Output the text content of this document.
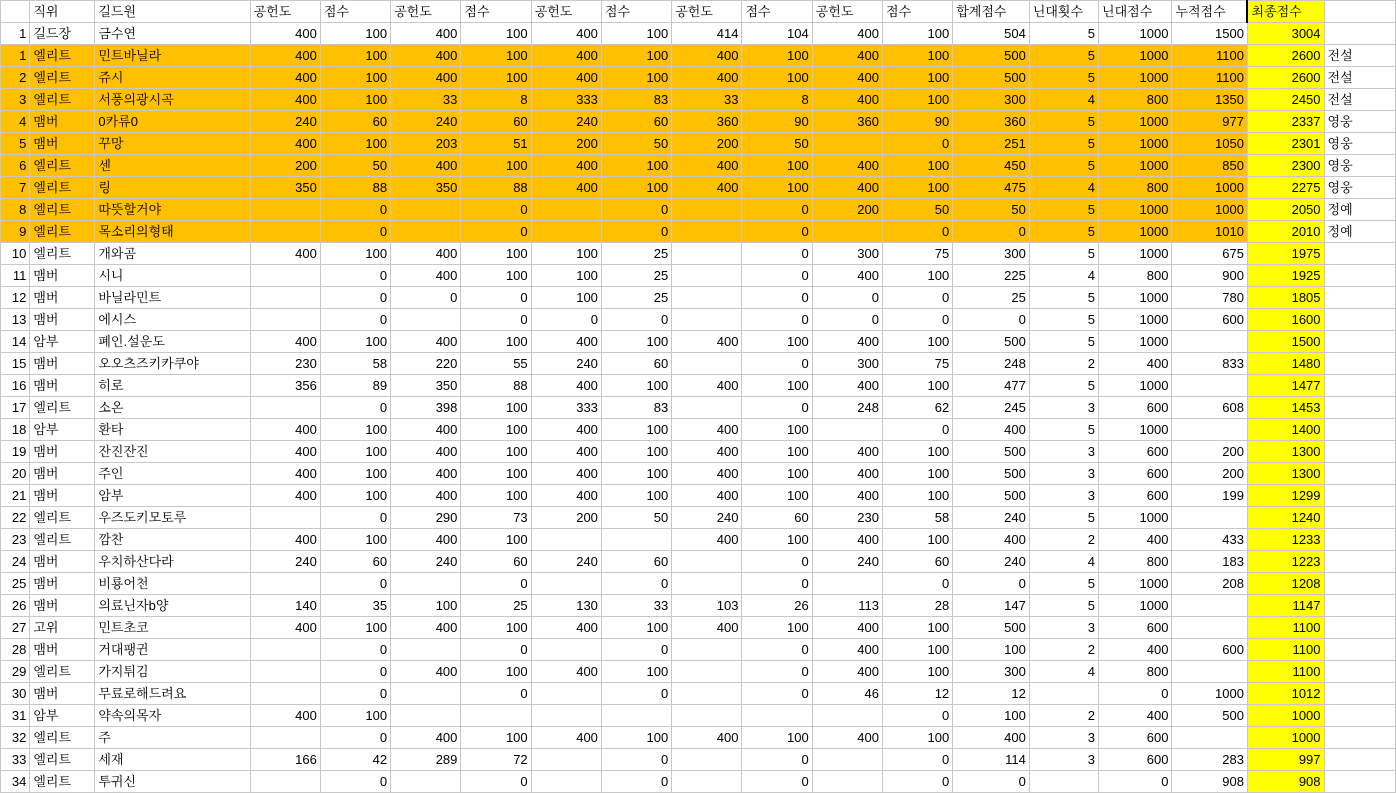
	직위	길드원	공헌도	점수	공헌도	점수	공헌도	점수	공헌도	점수	공헌도	점수	합계점수	닌대횟수	닌대점수	누적점수	최종점수	
1	길드장	금수연	400	100	400	100	400	100	414	104	400	100	504	5	1000	1500	3004	
1	엘리트	민트바닐라	400	100	400	100	400	100	400	100	400	100	500	5	1000	1100	2600	전설
2	엘리트	쥬시	400	100	400	100	400	100	400	100	400	100	500	5	1000	1100	2600	전설
3	엘리트	서풍의광시곡	400	100	33	8	333	83	33	8	400	100	300	4	800	1350	2450	전설
4	맴버	0카류0	240	60	240	60	240	60	360	90	360	90	360	5	1000	977	2337	영웅
5	맴버	꾸망	400	100	203	51	200	50	200	50		0	251	5	1000	1050	2301	영웅
6	엘리트	센	200	50	400	100	400	100	400	100	400	100	450	5	1000	850	2300	영웅
7	엘리트	링	350	88	350	88	400	100	400	100	400	100	475	4	800	1000	2275	영웅
8	엘리트	따뜻할거야		0		0		0		0	200	50	50	5	1000	1000	2050	정예
9	엘리트	목소리의형태		0		0		0		0		0	0	5	1000	1010	2010	정예
10	엘리트	개와곰	400	100	400	100	100	25		0	300	75	300	5	1000	675	1975	
11	맴버	시니		0	400	100	100	25		0	400	100	225	4	800	900	1925	
12	맴버	바닐라민트		0	0	0	100	25		0	0	0	25	5	1000	780	1805	
13	맴버	에시스		0		0	0	0		0	0	0	0	5	1000	600	1600	
14	암부	폐인.설운도	400	100	400	100	400	100	400	100	400	100	500	5	1000		1500	
15	맴버	오오츠즈키카쿠야	230	58	220	55	240	60		0	300	75	248	2	400	833	1480	
16	맴버	히로	356	89	350	88	400	100	400	100	400	100	477	5	1000		1477	
17	엘리트	소온		0	398	100	333	83		0	248	62	245	3	600	608	1453	
18	암부	환타	400	100	400	100	400	100	400	100		0	400	5	1000		1400	
19	맴버	잔진잔진	400	100	400	100	400	100	400	100	400	100	500	3	600	200	1300	
20	맴버	주인	400	100	400	100	400	100	400	100	400	100	500	3	600	200	1300	
21	맴버	암부	400	100	400	100	400	100	400	100	400	100	500	3	600	199	1299	
22	엘리트	우즈도키모토루		0	290	73	200	50	240	60	230	58	240	5	1000		1240	
23	엘리트	깜찬	400	100	400	100			400	100	400	100	400	2	400	433	1233	
24	맴버	우치하산다라	240	60	240	60	240	60		0	240	60	240	4	800	183	1223	
25	맴버	비룡어천		0		0		0		0		0	0	5	1000	208	1208	
26	맴버	의료닌자b양	140	35	100	25	130	33	103	26	113	28	147	5	1000		1147	
27	고위	민트초코	400	100	400	100	400	100	400	100	400	100	500	3	600		1100	
28	맴버	거대팽귄		0		0		0		0	400	100	100	2	400	600	1100	
29	엘리트	가지튀김		0	400	100	400	100		0	400	100	300	4	800		1100	
30	맴버	무료로해드려요		0		0		0		0	46	12	12		0	1000	1012	
31	암부	약속의목자	400	100								0	100	2	400	500	1000	
32	엘리트	주		0	400	100	400	100	400	100	400	100	400	3	600		1000	
33	엘리트	세재	166	42	289	72		0		0		0	114	3	600	283	997	
34	엘리트	투귀신		0		0		0		0		0	0		0	908	908	
